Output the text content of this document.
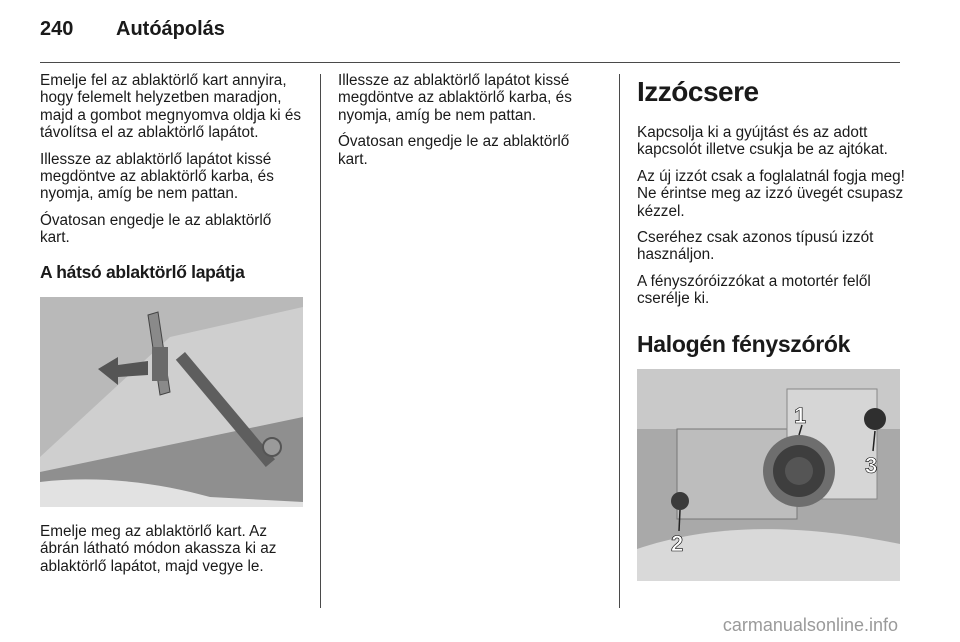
240 Autóápolás

Emelje fel az ablaktörlő kart annyira, hogy felemelt helyzetben maradjon, majd a gombot megnyomva oldja ki és távolítsa el az ablaktörlő lapátot.

Illessze az ablaktörlő lapátot kissé megdöntve az ablaktörlő karba, és nyomja, amíg be nem pattan.

Óvatosan engedje le az ablaktörlő kart.

A hátsó ablaktörlő lapátja

Emelje meg az ablaktörlő kart. Az ábrán látható módon akassza ki az ablaktörlő lapátot, majd vegye le.

Illessze az ablaktörlő lapátot kissé megdöntve az ablaktörlő karba, és nyomja, amíg be nem pattan.

Óvatosan engedje le az ablaktörlő kart.

Izzócsere

Kapcsolja ki a gyújtást és az adott kapcsolót illetve csukja be az ajtókat.

Az új izzót csak a foglalatnál fogja meg! Ne érintse meg az izzó üvegét csupasz kézzel.

Cseréhez csak azonos típusú izzót használjon.

A fényszóróizzókat a motortér felől cserélje ki.

Halogén fényszórók
1
2
3
carmanualsonline.info
